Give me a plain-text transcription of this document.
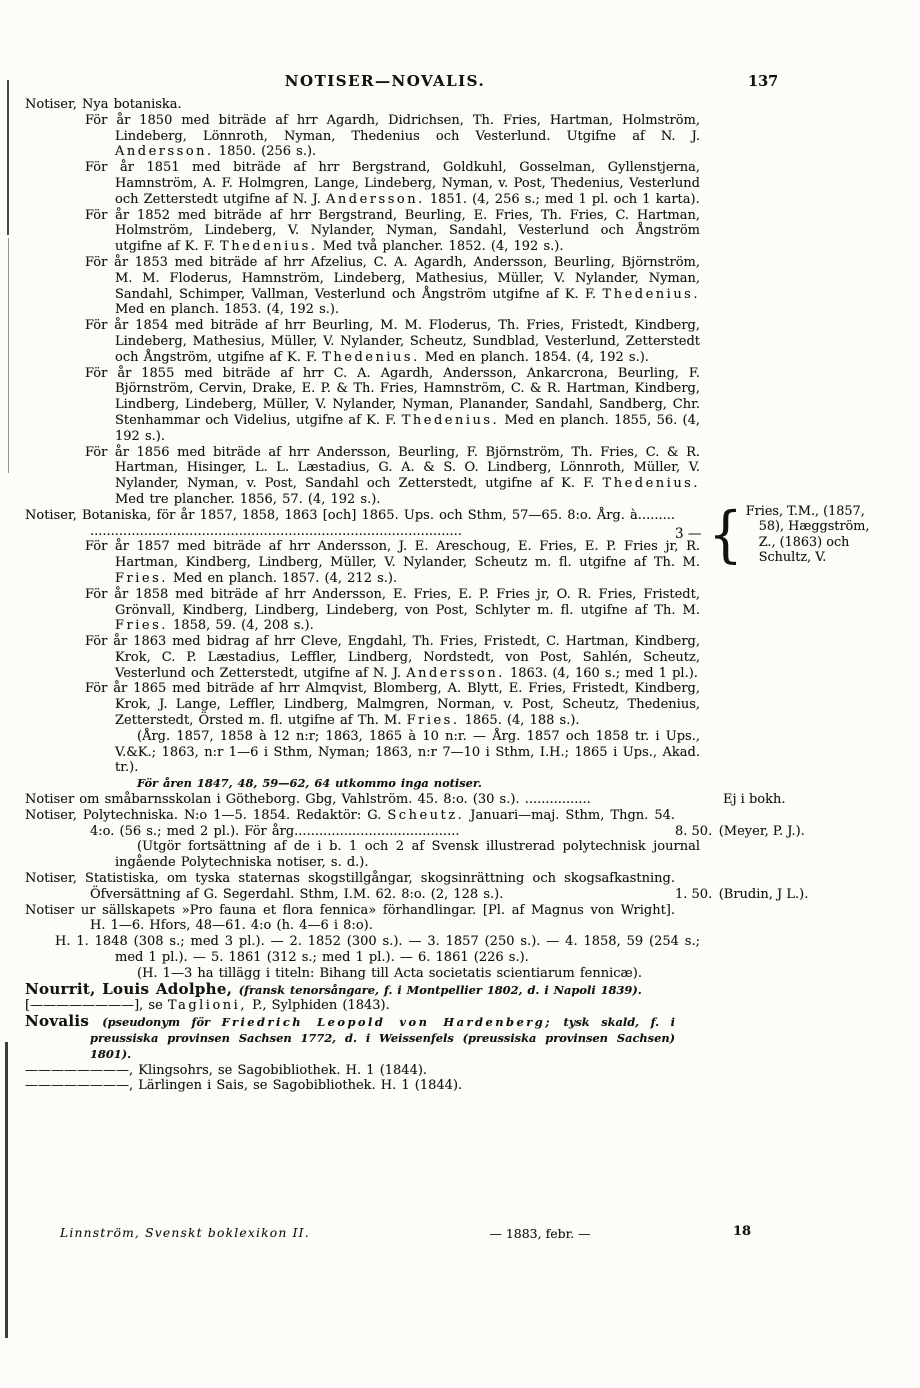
NOTISER—NOVALIS.	137
Notiser, Nya botaniska.
För år 1850 med biträde af hrr Agardh, Didrichsen, Th. Fries, Hartman, Holmström, Lindeberg, Lönnroth, Nyman, Thedenius och Vesterlund. Utgifne af N. J. Andersson. 1850. (256 s.).
För år 1851 med biträde af hrr Bergstrand, Goldkuhl, Gosselman, Gyllenstjerna, Hamnström, A. F. Holmgren, Lange, Lindeberg, Nyman, v. Post, Thedenius, Vesterlund och Zetterstedt utgifne af N. J. Andersson. 1851. (4, 256 s.; med 1 pl. och 1 karta).
För år 1852 med biträde af hrr Bergstrand, Beurling, E. Fries, Th. Fries, C. Hartman, Holmström, Lindeberg, V. Nylander, Nyman, Sandahl, Vesterlund och Ångström utgifne af K. F. Thedenius. Med två plancher. 1852. (4, 192 s.).
För år 1853 med biträde af hrr Afzelius, C. A. Agardh, Andersson, Beurling, Björnström, M. M. Floderus, Hamnström, Lindeberg, Mathesius, Müller, V. Nylander, Nyman, Sandahl, Schimper, Vallman, Vesterlund och Ångström utgifne af K. F. Thedenius. Med en planch. 1853. (4, 192 s.).
För år 1854 med biträde af hrr Beurling, M. M. Floderus, Th. Fries, Fristedt, Kindberg, Lindeberg, Mathesius, Müller, V. Nylander, Scheutz, Sundblad, Vesterlund, Zetterstedt och Ångström, utgifne af K. F. Thedenius. Med en planch. 1854. (4, 192 s.).
För år 1855 med biträde af hrr C. A. Agardh, Andersson, Ankarcrona, Beurling, F. Björnström, Cervin, Drake, E. P. & Th. Fries, Hamnström, C. & R. Hartman, Kindberg, Lindberg, Lindeberg, Müller, V. Nylander, Nyman, Planander, Sandahl, Sandberg, Chr. Stenhammar och Videlius, utgifne af K. F. Thedenius. Med en planch. 1855, 56. (4, 192 s.).
För år 1856 med biträde af hrr Andersson, Beurling, F. Björnström, Th. Fries, C. & R. Hartman, Hisinger, L. L. Læstadius, G. A. & S. O. Lindberg, Lönnroth, Müller, V. Nylander, Nyman, v. Post, Sandahl och Zetterstedt, utgifne af K. F. Thedenius. Med tre plancher. 1856, 57. (4, 192 s.).
Notiser, Botaniska, för år 1857, 1858, 1863 [och] 1865. Ups. och Sthm, 57—65. 8:o. Årg. à......... ..........................................................................................	3 — { Fries, T.M., (1857,
58), Hæggström,
Z., (1863) och
Schultz, V.
För år 1857 med biträde af hrr Andersson, J. E. Areschoug, E. Fries, E. P. Fries jr, R. Hartman, Kindberg, Lindberg, Müller, V. Nylander, Scheutz m. fl. utgifne af Th. M. Fries. Med en planch. 1857. (4, 212 s.).
För år 1858 med biträde af hrr Andersson, E. Fries, E. P. Fries jr, O. R. Fries, Fristedt, Grönvall, Kindberg, Lindberg, Lindeberg, von Post, Schlyter m. fl. utgifne af Th. M. Fries. 1858, 59. (4, 208 s.).
För år 1863 med bidrag af hrr Cleve, Engdahl, Th. Fries, Fristedt, C. Hartman, Kindberg, Krok, C. P. Læstadius, Leffler, Lindberg, Nordstedt, von Post, Sahlén, Scheutz, Vesterlund och Zetterstedt, utgifne af N. J. Andersson. 1863. (4, 160 s.; med 1 pl.).
För år 1865 med biträde af hrr Almqvist, Blomberg, A. Blytt, E. Fries, Fristedt, Kindberg, Krok, J. Lange, Leffler, Lindberg, Malmgren, Norman, v. Post, Scheutz, Thedenius, Zetterstedt, Örsted m. fl. utgifne af Th. M. Fries. 1865. (4, 188 s.).
(Årg. 1857, 1858 à 12 n:r; 1863, 1865 à 10 n:r. — Årg. 1857 och 1858 tr. i Ups., V.&K.; 1863, n:r 1—6 i Sthm, Nyman; 1863, n:r 7—10 i Sthm, I.H.; 1865 i Ups., Akad. tr.).
För åren 1847, 48, 59—62, 64 utkommo inga notiser.
Notiser om småbarnsskolan i Götheborg. Gbg, Vahlström. 45. 8:o. (30 s.). ................	Ej i bokh.
Notiser, Polytechniska. N:o 1—5. 1854. Redaktör: G. Scheutz. Januari—maj. Sthm, Thgn. 54. 4:o. (56 s.; med 2 pl.). För årg........................................	8. 50. (Meyer, P. J.).
(Utgör fortsättning af de i b. 1 och 2 af Svensk illustrerad polytechnisk journal ingående Polytechniska notiser, s. d.).
Notiser, Statistiska, om tyska staternas skogstillgångar, skogsinrättning och skogsafkastning. Öfversättning af G. Segerdahl. Sthm, I.M. 62. 8:o. (2, 128 s.).	1. 50. (Brudin, J L.).
Notiser ur sällskapets »Pro fauna et flora fennica» förhandlingar. [Pl. af Magnus von Wright]. H. 1—6. Hfors, 48—61. 4:o (h. 4—6 i 8:o).
H. 1. 1848 (308 s.; med 3 pl.). — 2. 1852 (300 s.). — 3. 1857 (250 s.). — 4. 1858, 59 (254 s.; med 1 pl.). — 5. 1861 (312 s.; med 1 pl.). — 6. 1861 (226 s.).
(H. 1—3 ha tillägg i titeln: Bihang till Acta societatis scientiarum fennicæ).
Nourrit, Louis Adolphe, (fransk tenorsångare, f. i Montpellier 1802, d. i Napoli 1839).
[————————], se Taglioni, P., Sylphiden (1843).
Novalis (pseudonym för Friedrich Leopold von Hardenberg; tysk skald, f. i preussiska provinsen Sachsen 1772, d. i Weissenfels (preussiska provinsen Sachsen) 1801).
————————, Klingsohrs, se Sagobibliothek. H. 1 (1844).
————————, Lärlingen i Sais, se Sagobibliothek. H. 1 (1844).
Linnström, Svenskt boklexikon II.	— 1883, febr. —	18
